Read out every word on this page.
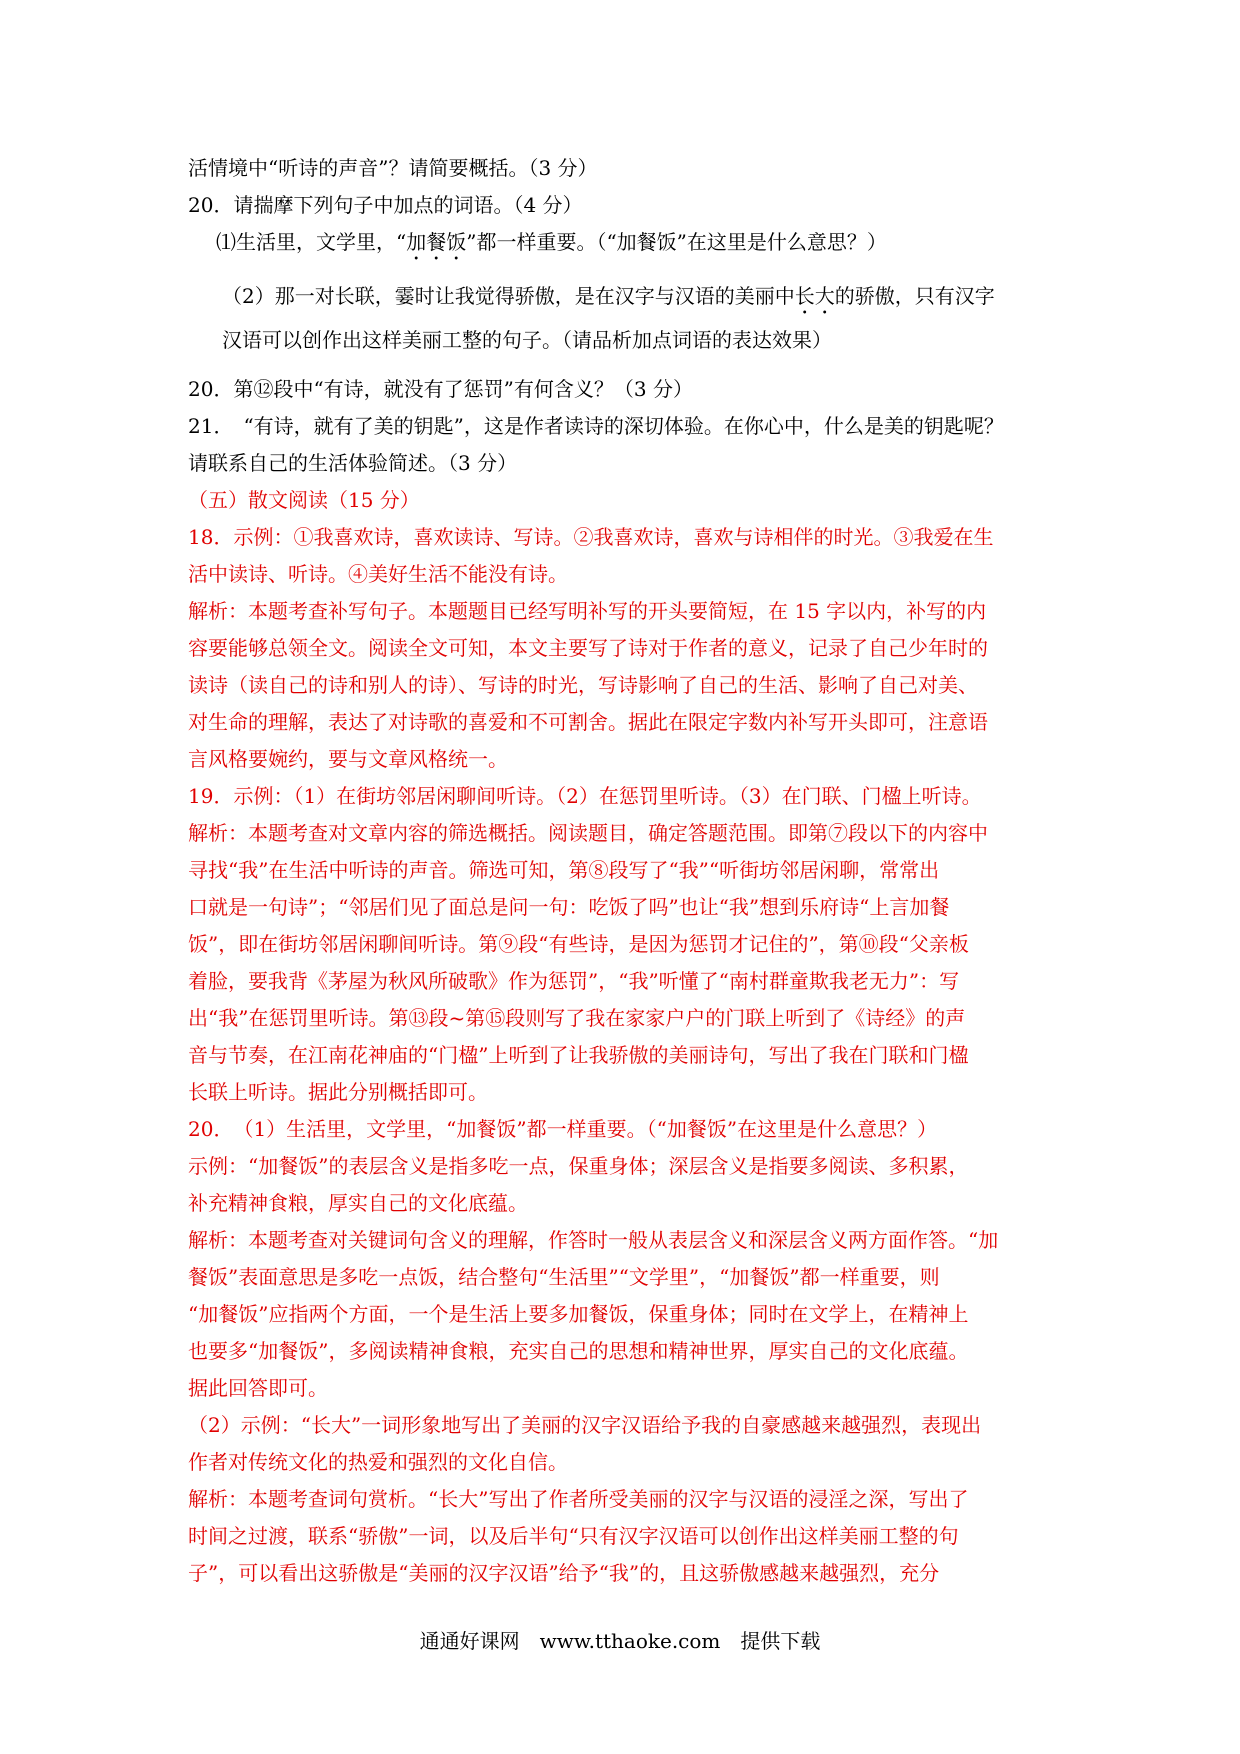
活情境中“听诗的声音”？请简要概括。（3 分）

20．请揣摩下列句子中加点的词语。（4 分）

⑴生活里，文学里，“加餐饭”都一样重要。（“加餐饭”在这里是什么意思？）

（2）那一对长联，霎时让我觉得骄傲，是在汉字与汉语的美丽中长大的骄傲，只有汉字

汉语可以创作出这样美丽工整的句子。（请品析加点词语的表达效果）

20．第⑫段中“有诗，就没有了惩罚”有何含义？（3 分）

21．　“有诗，就有了美的钥匙”，这是作者读诗的深切体验。在你心中，什么是美的钥匙呢？

请联系自己的生活体验简述。（3 分）

（五）散文阅读（15 分）

18．示例：①我喜欢诗，喜欢读诗、写诗。②我喜欢诗，喜欢与诗相伴的时光。③我爱在生

活中读诗、听诗。④美好生活不能没有诗。

解析：本题考查补写句子。本题题目已经写明补写的开头要简短，在 15 字以内，补写的内

容要能够总领全文。阅读全文可知，本文主要写了诗对于作者的意义，记录了自己少年时的

读诗（读自己的诗和别人的诗）、写诗的时光，写诗影响了自己的生活、影响了自己对美、

对生命的理解，表达了对诗歌的喜爱和不可割舍。据此在限定字数内补写开头即可，注意语

言风格要婉约，要与文章风格统一。

19．示例：（1）在街坊邻居闲聊间听诗。（2）在惩罚里听诗。（3）在门联、门楹上听诗。

解析：本题考查对文章内容的筛选概括。阅读题目，确定答题范围。即第⑦段以下的内容中

寻找“我”在生活中听诗的声音。筛选可知，第⑧段写了“我”“听街坊邻居闲聊，常常出

口就是一句诗”；“邻居们见了面总是问一句：吃饭了吗”也让“我”想到乐府诗“上言加餐

饭”，即在街坊邻居闲聊间听诗。第⑨段“有些诗，是因为惩罚才记住的”，第⑩段“父亲板

着脸，要我背《茅屋为秋风所破歌》作为惩罚”，“我”听懂了“南村群童欺我老无力”：写

出“我”在惩罚里听诗。第⑬段~第⑮段则写了我在家家户户的门联上听到了《诗经》的声

音与节奏，在江南花神庙的“门楹”上听到了让我骄傲的美丽诗句，写出了我在门联和门楹

长联上听诗。据此分别概括即可。

20．　（1）生活里，文学里，“加餐饭”都一样重要。（“加餐饭”在这里是什么意思？）

示例：“加餐饭”的表层含义是指多吃一点，保重身体；深层含义是指要多阅读、多积累，

补充精神食粮，厚实自己的文化底蕴。

解析：本题考查对关键词句含义的理解，作答时一般从表层含义和深层含义两方面作答。“加

餐饭”表面意思是多吃一点饭，结合整句“生活里”“文学里”，“加餐饭”都一样重要，则

“加餐饭”应指两个方面，一个是生活上要多加餐饭，保重身体；同时在文学上，在精神上

也要多“加餐饭”，多阅读精神食粮，充实自己的思想和精神世界，厚实自己的文化底蕴。

据此回答即可。

（2）示例：“长大”一词形象地写出了美丽的汉字汉语给予我的自豪感越来越强烈，表现出

作者对传统文化的热爱和强烈的文化自信。

解析：本题考查词句赏析。“长大”写出了作者所受美丽的汉字与汉语的浸淫之深，写出了

时间之过渡，联系“骄傲”一词，以及后半句“只有汉字汉语可以创作出这样美丽工整的句

子”，可以看出这骄傲是“美丽的汉字汉语”给予“我”的，且这骄傲感越来越强烈，充分

通通好课网　www.tthaoke.com　提供下载
